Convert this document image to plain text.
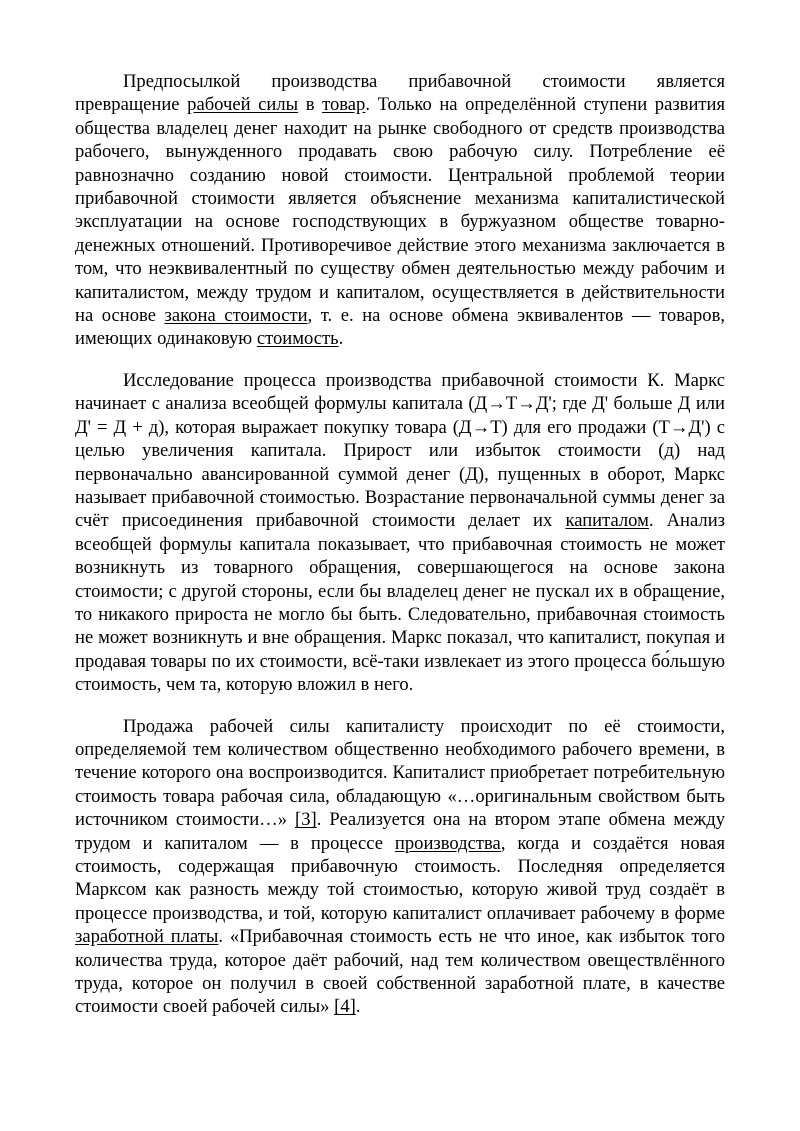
Предпосылкой производства прибавочной стоимости является превращение рабочей силы в товар. Только на определённой ступени развития общества владелец денег находит на рынке свободного от средств производства рабочего, вынужденного продавать свою рабочую силу. Потребление её равнозначно созданию новой стоимости. Центральной проблемой теории прибавочной стоимости является объяснение механизма капиталистической эксплуатации на основе господствующих в буржуазном обществе товарно-денежных отношений. Противоречивое действие этого механизма заключается в том, что неэквивалентный по существу обмен деятельностью между рабочим и капиталистом, между трудом и капиталом, осуществляется в действительности на основе закона стоимости, т. е. на основе обмена эквивалентов — товаров, имеющих одинаковую стоимость.

Исследование процесса производства прибавочной стоимости К. Маркс начинает с анализа всеобщей формулы капитала (Д→Т→Д'; где Д' больше Д или Д' = Д + д), которая выражает покупку товара (Д→Т) для его продажи (Т→Д') с целью увеличения капитала. Прирост или избыток стоимости (д) над первоначально авансированной суммой денег (Д), пущенных в оборот, Маркс называет прибавочной стоимостью. Возрастание первоначальной суммы денег за счёт присоединения прибавочной стоимости делает их капиталом. Анализ всеобщей формулы капитала показывает, что прибавочная стоимость не может возникнуть из товарного обращения, совершающегося на основе закона стоимости; с другой стороны, если бы владелец денег не пускал их в обращение, то никакого прироста не могло бы быть. Следовательно, прибавочная стоимость не может возникнуть и вне обращения. Маркс показал, что капиталист, покупая и продавая товары по их стоимости, всё-таки извлекает из этого процесса бо́льшую стоимость, чем та, которую вложил в него.

Продажа рабочей силы капиталисту происходит по её стоимости, определяемой тем количеством общественно необходимого рабочего времени, в течение которого она воспроизводится. Капиталист приобретает потребительную стоимость товара рабочая сила, обладающую «…оригинальным свойством быть источником стоимости…» [3]. Реализуется она на втором этапе обмена между трудом и капиталом — в процессе производства, когда и создаётся новая стоимость, содержащая прибавочную стоимость. Последняя определяется Марксом как разность между той стоимостью, которую живой труд создаёт в процессе производства, и той, которую капиталист оплачивает рабочему в форме заработной платы. «Прибавочная стоимость есть не что иное, как избыток того количества труда, которое даёт рабочий, над тем количеством овеществлённого труда, которое он получил в своей собственной заработной плате, в качестве стоимости своей рабочей силы» [4].
